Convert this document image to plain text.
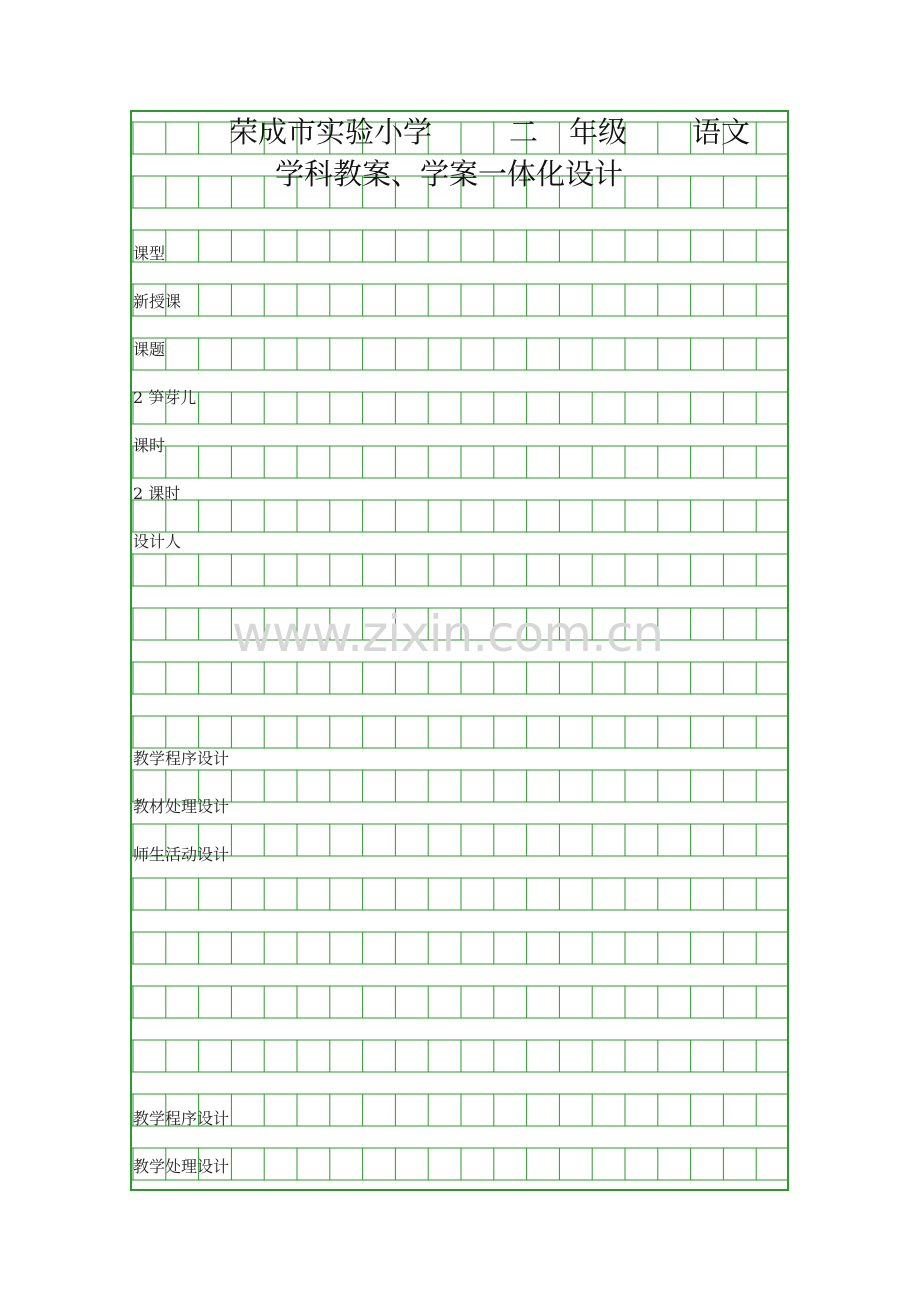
荣成市实验小学	二 年级 语文
学科教案、学案一体化设计

课型

新授课

课题

2 笋芽儿

课时

2 课时

设计人

教学程序设计

教材处理设计

师生活动设计

教学程序设计

教学处理设计

www.zixin.com.cn
